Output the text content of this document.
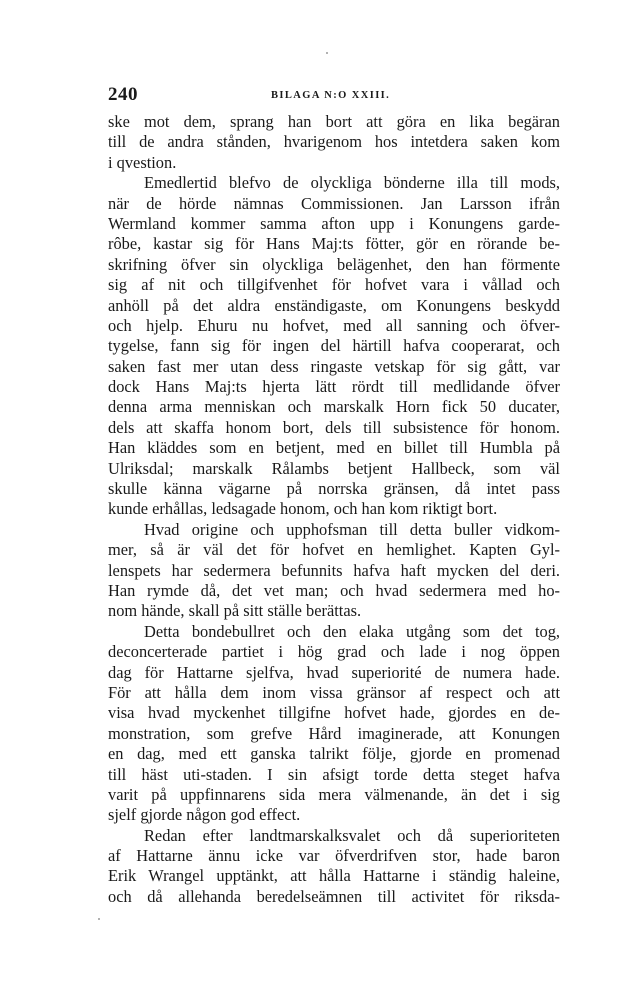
240	BILAGA N:O XXIII.
ske mot dem, sprang han bort att göra en lika begäran
till de andra stånden, hvarigenom hos intetdera saken kom
i qvestion.
Emedlertid blefvo de olyckliga bönderne illa till mods,
när de hörde nämnas Commissionen. Jan Larsson ifrån
Wermland kommer samma afton upp i Konungens garde-
rôbe, kastar sig för Hans Maj:ts fötter, gör en rörande be-
skrifning öfver sin olyckliga belägenhet, den han förmente
sig af nit och tillgifvenhet för hofvet vara i vållad och
anhöll på det aldra enständigaste, om Konungens beskydd
och hjelp. Ehuru nu hofvet, med all sanning och öfver-
tygelse, fann sig för ingen del härtill hafva cooperarat, och
saken fast mer utan dess ringaste vetskap för sig gått, var
dock Hans Maj:ts hjerta lätt rördt till medlidande öfver
denna arma menniskan och marskalk Horn fick 50 ducater,
dels att skaffa honom bort, dels till subsistence för honom.
Han kläddes som en betjent, med en billet till Humbla på
Ulriksdal; marskalk Rålambs betjent Hallbeck, som väl
skulle känna vägarne på norrska gränsen, då intet pass
kunde erhållas, ledsagade honom, och han kom riktigt bort.
Hvad origine och upphofsman till detta buller vidkom-
mer, så är väl det för hofvet en hemlighet. Kapten Gyl-
lenspets har sedermera befunnits hafva haft mycken del deri.
Han rymde då, det vet man; och hvad sedermera med ho-
nom hände, skall på sitt ställe berättas.
Detta bondebullret och den elaka utgång som det tog,
deconcerterade partiet i hög grad och lade i nog öppen
dag för Hattarne sjelfva, hvad superiorité de numera hade.
För att hålla dem inom vissa gränsor af respect och att
visa hvad myckenhet tillgifne hofvet hade, gjordes en de-
monstration, som grefve Hård imaginerade, att Konungen
en dag, med ett ganska talrikt följe, gjorde en promenad
till häst uti-staden. I sin afsigt torde detta steget hafva
varit på uppfinnarens sida mera välmenande, än det i sig
sjelf gjorde någon god effect.
Redan efter landtmarskalksvalet och då superioriteten
af Hattarne ännu icke var öfverdrifven stor, hade baron
Erik Wrangel upptänkt, att hålla Hattarne i ständig haleine,
och då allehanda beredelseämnen till activitet för riksda-
